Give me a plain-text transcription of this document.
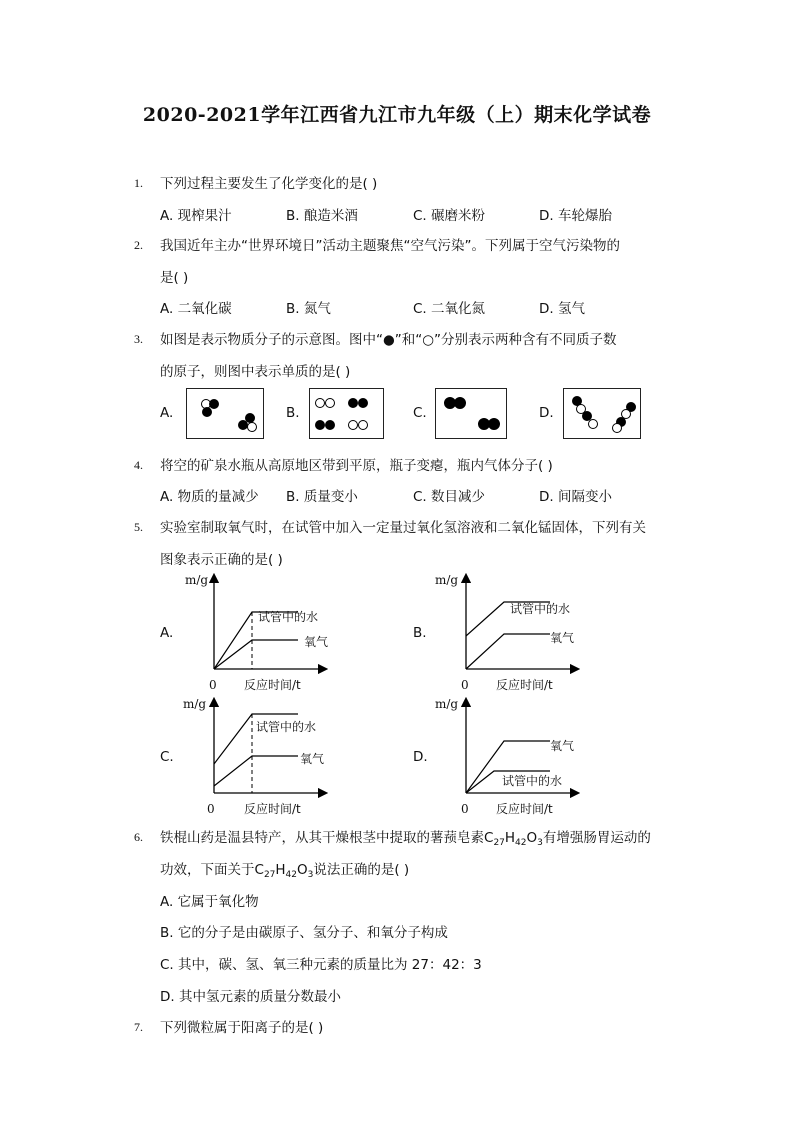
2020-2021学年江西省九江市九年级（上）期末化学试卷
1. 下列过程主要发生了化学变化的是( )
A. 现榨果汁	B. 酿造米酒	C. 碾磨米粉	D. 车轮爆胎
2. 我国近年主办“世界环境日”活动主题聚焦“空气污染”。下列属于空气污染物的
是( )
A. 二氧化碳	B. 氮气	C. 二氧化氮	D. 氢气
3. 如图是表示物质分子的示意图。图中“●”和“○”分别表示两种含有不同质子数
的原子，则图中表示单质的是( )
A.	B.	C.	D.
4. 将空的矿泉水瓶从高原地区带到平原，瓶子变瘪，瓶内气体分子( )
A. 物质的量减少 B. 质量变小	C. 数目减少	D. 间隔变小
5. 实验室制取氧气时，在试管中加入一定量过氧化氢溶液和二氧化锰固体，下列有关
图象表示正确的是( )
A.
m/g
试管中的水
氧气
0 反应时间/t
B.
m/g
试管中的水
氧气
0 反应时间/t
C.
m/g
试管中的水
氧气
0 反应时间/t
D.
m/g
氧气
试管中的水
0 反应时间/t
6. 铁棍山药是温县特产，从其干燥根茎中提取的薯蓣皂素$C_{27}H_{42}O_3$有增强肠胃运动的
功效，下面关于$C_{27}H_{42}O_3$说法正确的是( )
A. 它属于氧化物
B. 它的分子是由碳原子、氢分子、和氧分子构成
C. 其中，碳、氢、氧三种元素的质量比为 27：42：3
D. 其中氢元素的质量分数最小
7. 下列微粒属于阳离子的是( )
